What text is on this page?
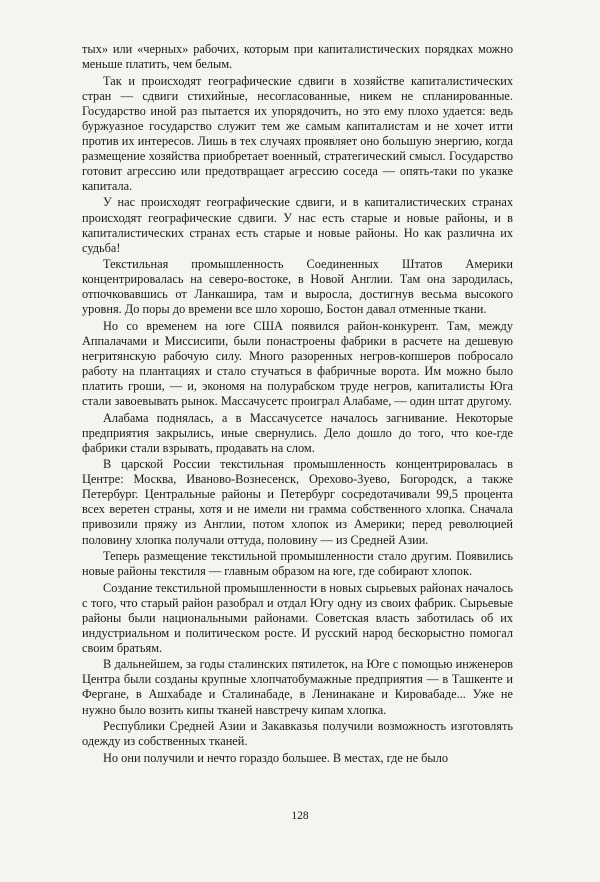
тых» или «черных» рабочих, которым при капиталистических порядках можно меньше платить, чем белым.

Так и происходят географические сдвиги в хозяйстве капиталистических стран — сдвиги стихийные, несогласованные, никем не спланированные. Государство иной раз пытается их упорядочить, но это ему плохо удается: ведь буржуазное государство служит тем же самым капиталистам и не хочет итти против их интересов. Лишь в тех случаях проявляет оно большую энергию, когда размещение хозяйства приобретает военный, стратегический смысл. Государство готовит агрессию или предотвращает агрессию соседа — опять-таки по указке капитала.

У нас происходят географические сдвиги, и в капиталистических странах происходят географические сдвиги. У нас есть старые и новые районы, и в капиталистических странах есть старые и новые районы. Но как различна их судьба!

Текстильная промышленность Соединенных Штатов Америки концентрировалась на северо-востоке, в Новой Англии. Там она зародилась, отпочковавшись от Ланкашира, там и выросла, достигнув весьма высокого уровня. До поры до времени все шло хорошо, Бостон давал отменные ткани.

Но со временем на юге США появился район-конкурент. Там, между Аппалачами и Миссисипи, были понастроены фабрики в расчете на дешевую негритянскую рабочую силу. Много разоренных негров-копшеров побросало работу на плантациях и стало стучаться в фабричные ворота. Им можно было платить гроши, — и, экономя на полурабском труде негров, капиталисты Юга стали завоевывать рынок. Массачусетс проиграл Алабаме, — один штат другому.

Алабама поднялась, а в Массачусетсе началось загнивание. Некоторые предприятия закрылись, иные свернулись. Дело дошло до того, что кое-где фабрики стали взрывать, продавать на слом.

В царской России текстильная промышленность концентрировалась в Центре: Москва, Иваново-Вознесенск, Орехово-Зуево, Богородск, а также Петербург. Центральные районы и Петербург сосредотачивали 99,5 процента всех веретен страны, хотя и не имели ни грамма собственного хлопка. Сначала привозили пряжу из Англии, потом хлопок из Америки; перед революцией половину хлопка получали оттуда, половину — из Средней Азии.

Теперь размещение текстильной промышленности стало другим. Появились новые районы текстиля — главным образом на юге, где собирают хлопок.

Создание текстильной промышленности в новых сырьевых районах началось с того, что старый район разобрал и отдал Югу одну из своих фабрик. Сырьевые районы были национальными районами. Советская власть заботилась об их индустриальном и политическом росте. И русский народ бескорыстно помогал своим братьям.

В дальнейшем, за годы сталинских пятилеток, на Юге с помощью инженеров Центра были созданы крупные хлопчатобумажные предприятия — в Ташкенте и Фергане, в Ашхабаде и Сталинабаде, в Ленинакане и Кировабаде... Уже не нужно было возить кипы тканей навстречу кипам хлопка.

Республики Средней Азии и Закавказья получили возможность изготовлять одежду из собственных тканей.

Но они получили и нечто гораздо большее. В местах, где не было

128
